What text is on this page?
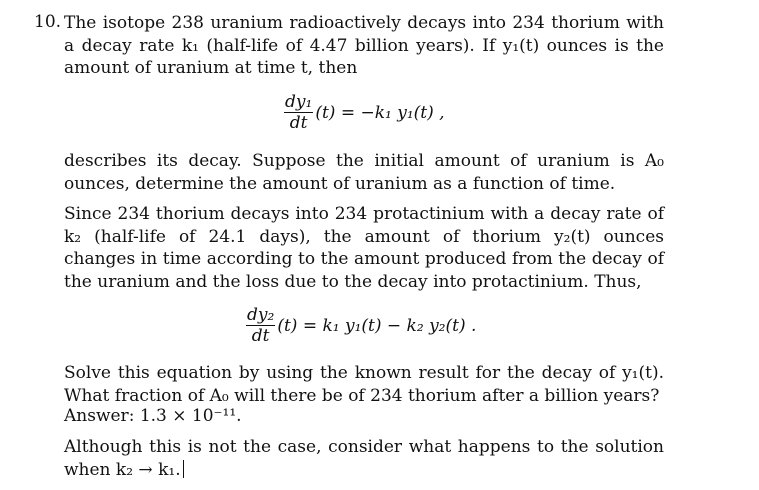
10. The isotope 238 uranium radioactively decays into 234 thorium with a decay rate k₁ (half-life of 4.47 billion years). If y₁(t) ounces is the amount of uranium at time t, then
$\frac{\text{dy₁}}{dt} (t) = -k_1$ y₁(t) ,
describes its decay. Suppose the initial amount of uranium is A₀ ounces, determine the amount of uranium as a function of time.
Since 234 thorium decays into 234 protactinium with a decay rate of k₂ (half-life of 24.1 days), the amount of thorium y₂(t) ounces changes in time according to the amount produced from the decay of the uranium and the loss due to the decay into protactinium. Thus,
$\frac{\text{dy₂}}{dt} (t) = k_1$ y₁(t) − k₂ y₂(t) .
Solve this equation by using the known result for the decay of y₁(t). What fraction of A₀ will there be of 234 thorium after a billion years?
Answer: 1.3 × 10⁻¹¹.
Although this is not the case, consider what happens to the solution when k₂ → k₁.
